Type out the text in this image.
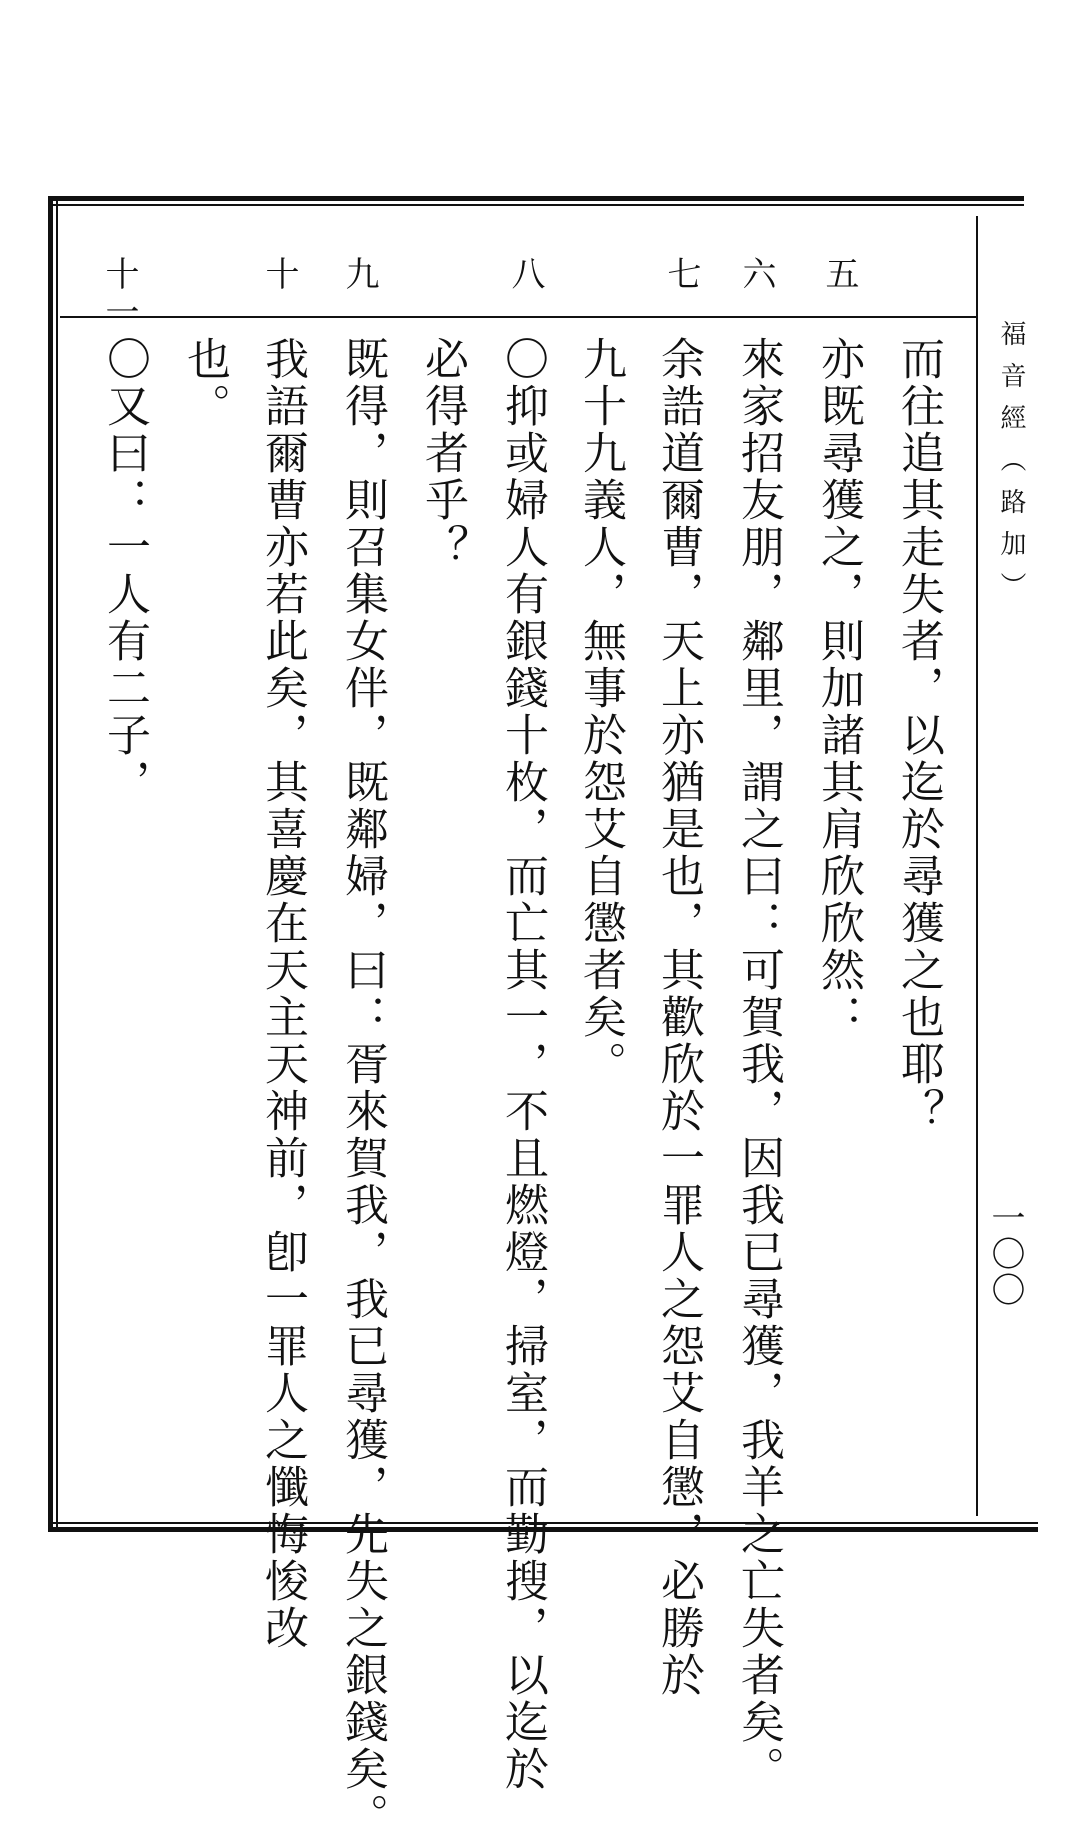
五
六
七
八
九
十
十一
而往追其走失者，以迄於尋獲之也耶？
亦既尋獲之，則加諸其肩欣欣然：
來家招友朋，鄰里，謂之曰：可賀我，因我已尋獲，我羊之亡失者矣。
余誥道爾曹，天上亦猶是也，其歡欣於一罪人之怨艾自懲，必勝於
九十九義人，無事於怨艾自懲者矣。
〇抑或婦人有銀錢十枚，而亡其一，不且燃燈，掃室，而勤搜，以迄於
必得者乎？
既得，則召集女伴，既鄰婦，曰：胥來賀我，我已尋獲，先失之銀錢矣。
我語爾曹亦若此矣，其喜慶在天主天神前，卽一罪人之懺悔悛改
也。
〇又曰：一人有二子，	福音經（路加）
一〇〇
